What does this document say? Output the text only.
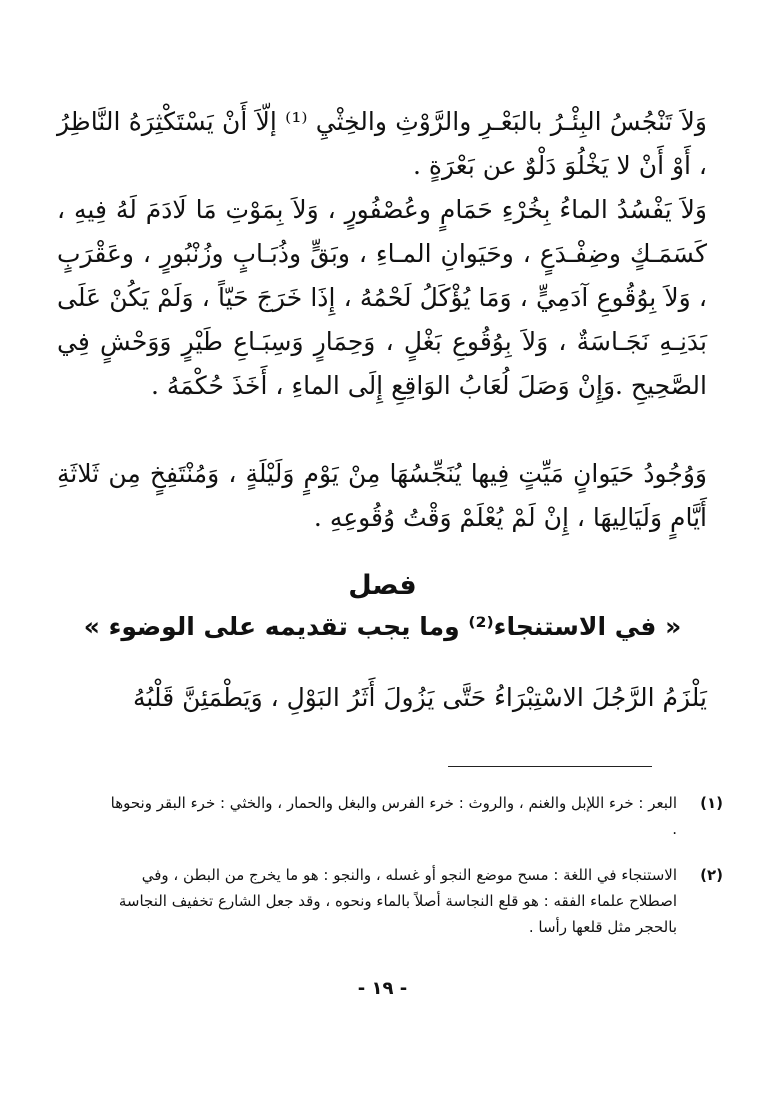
وَلاَ تَنْجُسُ البِئْـرُ بالبَعْـرِ والرَّوْثِ والخِثْيِ ⁽¹⁾ إلّاَ أَنْ يَسْتَكْثِرَهُ النَّاظِرُ ، أَوْ أَنْ لا يَخْلُوَ دَلْوٌ عن بَعْرَةٍ .
وَلاَ يَفْسُدُ الماءُ بِخُرْءِ حَمَامٍ وعُصْفُورٍ ، وَلاَ بِمَوْتِ مَا لَادَمَ لَهُ فِيهِ ، كَسَمَـكٍ وضِفْـدَعٍ ، وحَيَوانِ المـاءِ ، وبَقٍّ وذُبَـابٍ وزُنْبُورٍ ، وعَقْرَبٍ ، وَلاَ بِوُقُوعِ آدَمِيٍّ ، وَمَا يُؤْكَلُ لَحْمُهُ ، إِذَا خَرَجَ حَيّاً ، وَلَمْ يَكُنْ عَلَى بَدَنِـهِ نَجَـاسَةٌ ، وَلاَ بِوُقُوعِ بَغْلٍ ، وَحِمَارٍ وَسِبَـاعِ طَيْرٍ وَوَحْشٍ فِي الصَّحِيحِ .وَإِنْ وَصَلَ لُعَابُ الوَاقِعِ إِلَى الماءِ ، أَخَذَ حُكْمَهُ .
وَوُجُودُ حَيَوانٍ مَيِّتٍ فِيها يُنَجِّسُهَا مِنْ يَوْمٍ وَلَيْلَةٍ ، وَمُنْتَفِخٍ مِن ثَلاثَةِ أَيَّامٍ وَلَيَالِيهَا ، إِنْ لَمْ يُعْلَمْ وَقْتُ وُقُوعِهِ .
فصل
« في الاستنجاء⁽²⁾ وما يجب تقديمه على الوضوء »
يَلْزَمُ الرَّجُلَ الاسْتِبْرَاءُ حَتَّى يَزُولَ أَثَرُ البَوْلِ ، وَيَطْمَئِنَّ قَلْبُهُ
(١)
البعر : خرء اللإبل والغنم ، والروث : خرء الفرس والبغل والحمار ، والخثي : خرء البقر ونحوها .
(٢)
الاستنجاء في اللغة : مسح موضع النجو أو غسله ، والنجو : هو ما يخرج من البطن ، وفي اصطلاح علماء الفقه : هو قلع النجاسة أصلاً بالماء ونحوه ، وقد جعل الشارع تخفيف النجاسة بالحجر مثل قلعها رأسا .
- ١٩ -
